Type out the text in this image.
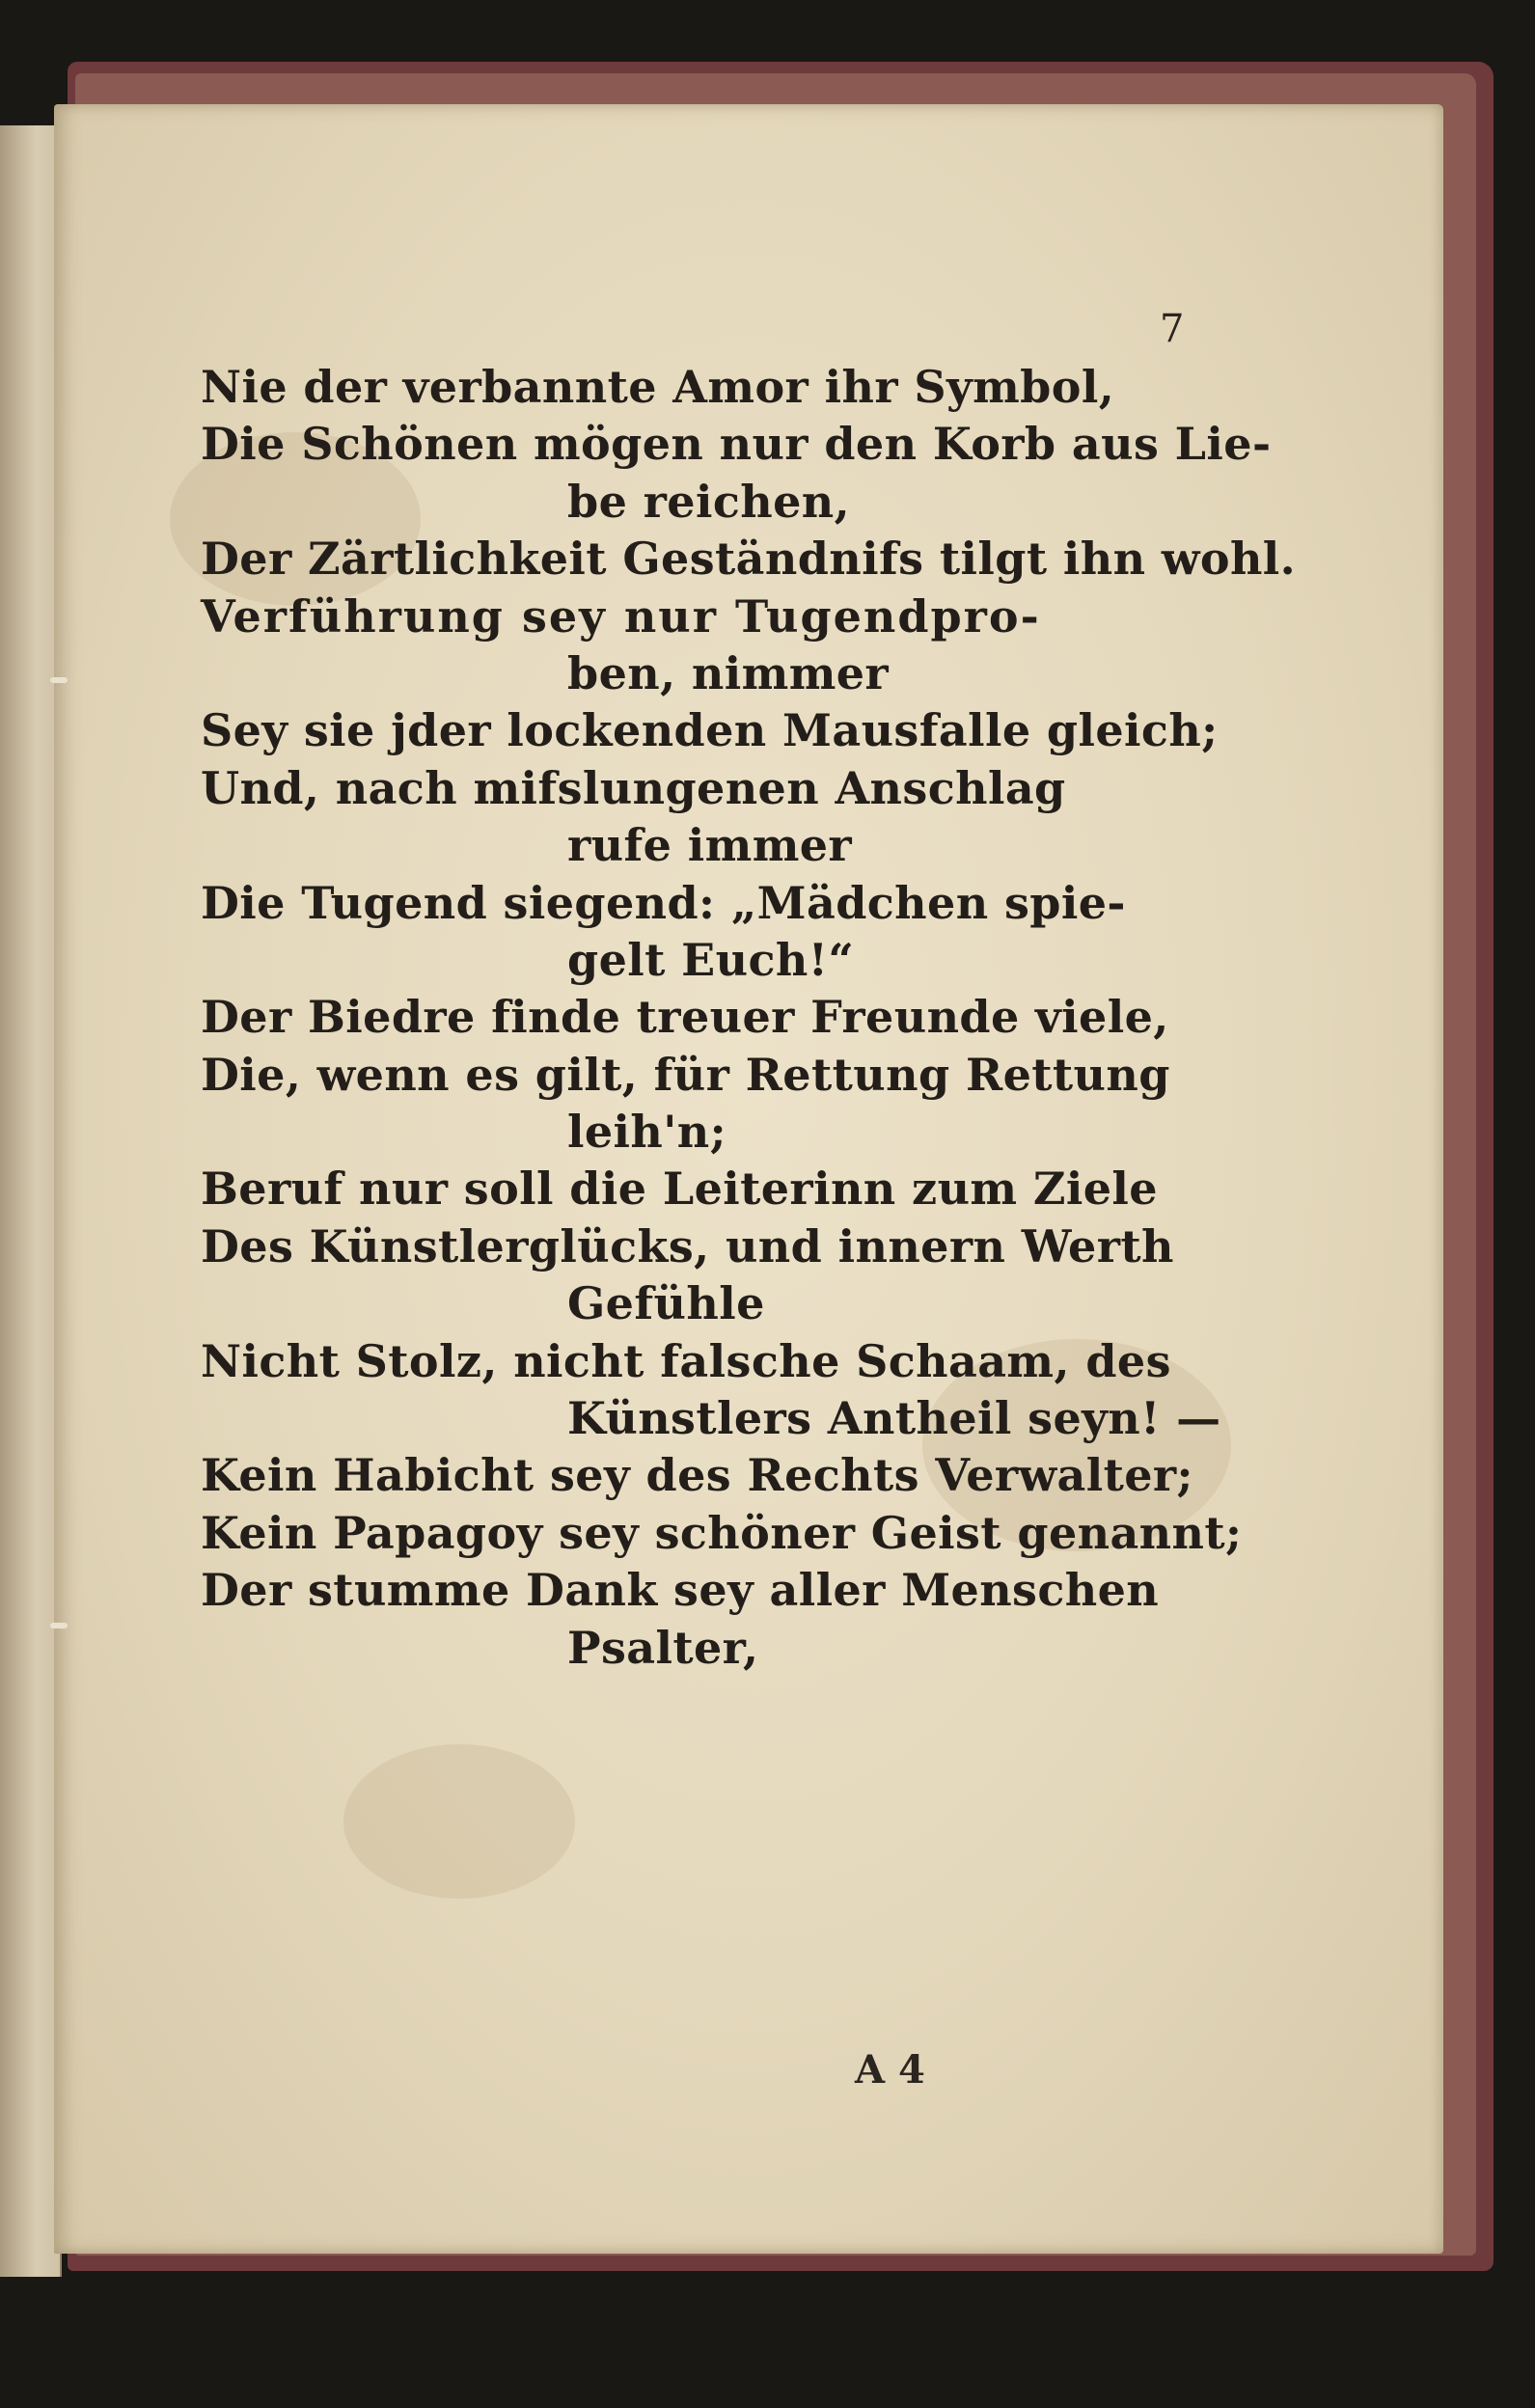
7
Nie der verbannte Amor ihr Symbol,
Die Schönen mögen nur den Korb aus Lie-
be reichen,
Der Zärtlichkeit Geständnifs tilgt ihn wohl.
Verführung sey nur Tugendpro-
ben, nimmer
Sey sie jder lockenden Mausfalle gleich;
Und, nach mifslungenen Anschlag
rufe immer
Die Tugend siegend: „Mädchen spie-
gelt Euch!“
Der Biedre finde treuer Freunde viele,
Die, wenn es gilt, für Rettung Rettung
leih'n;
Beruf nur soll die Leiterinn zum Ziele
Des Künstlerglücks, und innern Werth
Gefühle
Nicht Stolz, nicht falsche Schaam, des
Künstlers Antheil seyn! —
Kein Habicht sey des Rechts Verwalter;
Kein Papagoy sey schöner Geist genannt;
Der stumme Dank sey aller Menschen
Psalter,
A 4
